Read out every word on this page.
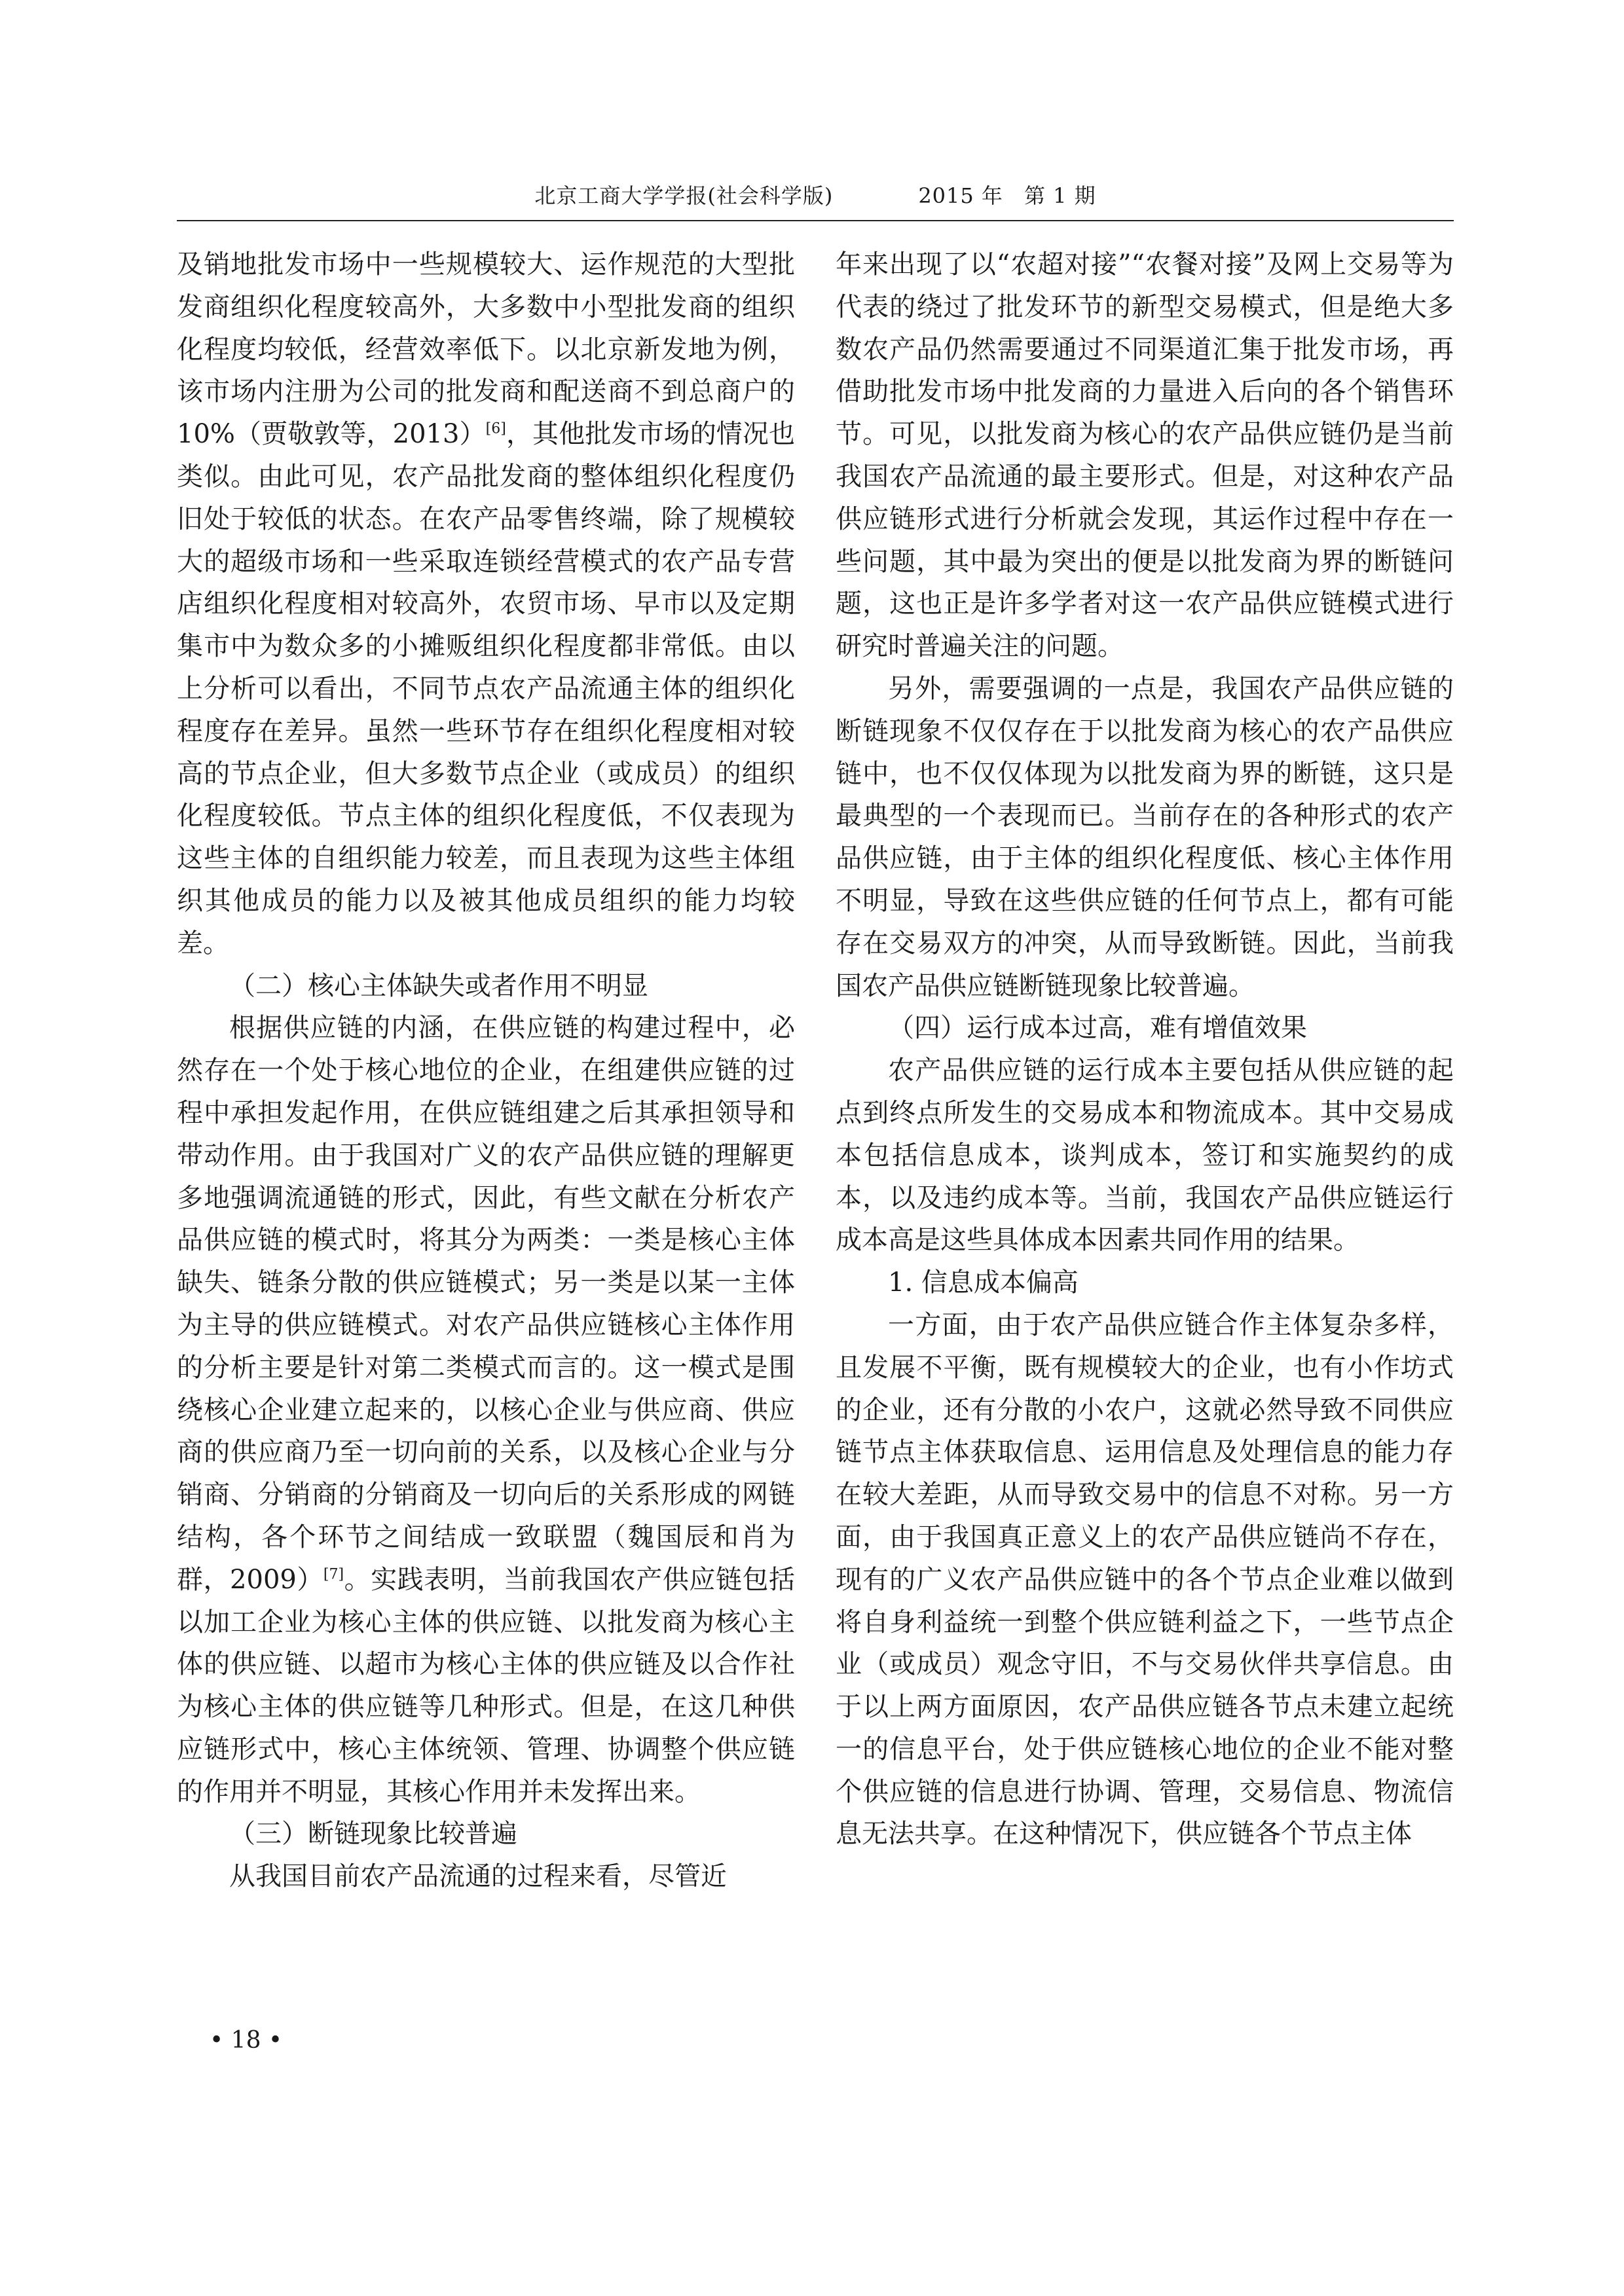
北京工商大学学报(社会科学版)	2015 年 第 1 期

及销地批发市场中一些规模较大、运作规范的大型批发商组织化程度较高外，大多数中小型批发商的组织化程度均较低，经营效率低下。以北京新发地为例，该市场内注册为公司的批发商和配送商不到总商户的 10%（贾敬敦等，2013）[6]，其他批发市场的情况也类似。由此可见，农产品批发商的整体组织化程度仍旧处于较低的状态。在农产品零售终端，除了规模较大的超级市场和一些采取连锁经营模式的农产品专营店组织化程度相对较高外，农贸市场、早市以及定期集市中为数众多的小摊贩组织化程度都非常低。由以上分析可以看出，不同节点农产品流通主体的组织化程度存在差异。虽然一些环节存在组织化程度相对较高的节点企业，但大多数节点企业（或成员）的组织化程度较低。节点主体的组织化程度低，不仅表现为这些主体的自组织能力较差，而且表现为这些主体组织其他成员的能力以及被其他成员组织的能力均较差。

（二）核心主体缺失或者作用不明显

根据供应链的内涵，在供应链的构建过程中，必然存在一个处于核心地位的企业，在组建供应链的过程中承担发起作用，在供应链组建之后其承担领导和带动作用。由于我国对广义的农产品供应链的理解更多地强调流通链的形式，因此，有些文献在分析农产品供应链的模式时，将其分为两类：一类是核心主体缺失、链条分散的供应链模式；另一类是以某一主体为主导的供应链模式。对农产品供应链核心主体作用的分析主要是针对第二类模式而言的。这一模式是围绕核心企业建立起来的，以核心企业与供应商、供应商的供应商乃至一切向前的关系，以及核心企业与分销商、分销商的分销商及一切向后的关系形成的网链结构，各个环节之间结成一致联盟（魏国辰和肖为群，2009）[7]。实践表明，当前我国农产供应链包括以加工企业为核心主体的供应链、以批发商为核心主体的供应链、以超市为核心主体的供应链及以合作社为核心主体的供应链等几种形式。但是，在这几种供应链形式中，核心主体统领、管理、协调整个供应链的作用并不明显，其核心作用并未发挥出来。

（三）断链现象比较普遍

从我国目前农产品流通的过程来看，尽管近

年来出现了以“农超对接”“农餐对接”及网上交易等为代表的绕过了批发环节的新型交易模式，但是绝大多数农产品仍然需要通过不同渠道汇集于批发市场，再借助批发市场中批发商的力量进入后向的各个销售环节。可见，以批发商为核心的农产品供应链仍是当前我国农产品流通的最主要形式。但是，对这种农产品供应链形式进行分析就会发现，其运作过程中存在一些问题，其中最为突出的便是以批发商为界的断链问题，这也正是许多学者对这一农产品供应链模式进行研究时普遍关注的问题。

另外，需要强调的一点是，我国农产品供应链的断链现象不仅仅存在于以批发商为核心的农产品供应链中，也不仅仅体现为以批发商为界的断链，这只是最典型的一个表现而已。当前存在的各种形式的农产品供应链，由于主体的组织化程度低、核心主体作用不明显，导致在这些供应链的任何节点上，都有可能存在交易双方的冲突，从而导致断链。因此，当前我国农产品供应链断链现象比较普遍。

（四）运行成本过高，难有增值效果

农产品供应链的运行成本主要包括从供应链的起点到终点所发生的交易成本和物流成本。其中交易成本包括信息成本，谈判成本，签订和实施契约的成本，以及违约成本等。当前，我国农产品供应链运行成本高是这些具体成本因素共同作用的结果。

1. 信息成本偏高

一方面，由于农产品供应链合作主体复杂多样，且发展不平衡，既有规模较大的企业，也有小作坊式的企业，还有分散的小农户，这就必然导致不同供应链节点主体获取信息、运用信息及处理信息的能力存在较大差距，从而导致交易中的信息不对称。另一方面，由于我国真正意义上的农产品供应链尚不存在，现有的广义农产品供应链中的各个节点企业难以做到将自身利益统一到整个供应链利益之下，一些节点企业（或成员）观念守旧，不与交易伙伴共享信息。由于以上两方面原因，农产品供应链各节点未建立起统一的信息平台，处于供应链核心地位的企业不能对整个供应链的信息进行协调、管理，交易信息、物流信息无法共享。在这种情况下，供应链各个节点主体

• 18 •
